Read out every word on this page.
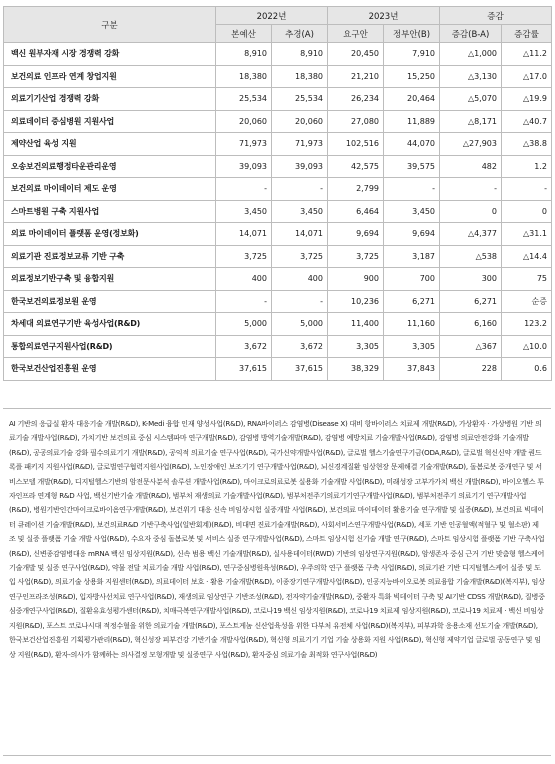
구분	2022년		2023년		증감	
	본예산	추경(A)	요구안	정부안(B)	증감(B-A)	증감률
백신 원부자재 시장 경쟁력 강화	8,910	8,910	20,450	7,910	△1,000	△11.2
보건의료 인프라 연계 창업지원	18,380	18,380	21,210	15,250	△3,130	△17.0
의료기기산업 경쟁력 강화	25,534	25,534	26,234	20,464	△5,070	△19.9
의료데이터 중심병원 지원사업	20,060	20,060	27,080	11,889	△8,171	△40.7
제약산업 육성 지원	71,973	71,973	102,516	44,070	△27,903	△38.8
오송보건의료행정타운관리운영	39,093	39,093	42,575	39,575	482	1.2
보건의료 마이데이터 제도 운영	-	-	2,799	-	-	-
스마트병원 구축 지원사업	3,450	3,450	6,464	3,450	0	0
의료 마이데이터 플랫폼 운영(정보화)	14,071	14,071	9,694	9,694	△4,377	△31.1
의료기관 진료정보교류 기반 구축	3,725	3,725	3,725	3,187	△538	△14.4
의료정보기반구축 및 융합지원	400	400	900	700	300	75
한국보건의료정보원 운영	-	-	10,236	6,271	6,271	순증
차세대 의료연구기반 육성사업(R&D)	5,000	5,000	11,400	11,160	6,160	123.2
통합의료연구지원사업(R&D)	3,672	3,672	3,305	3,305	△367	△10.0
한국보건산업진흥원 운영	37,615	37,615	38,329	37,843	228	0.6
AI 기반의 응급실 환자 대응기술 개발(R&D), K-Medi 융합 인재 양성사업(R&D), RNA바이러스 감염병(Disease X) 대비 항바이러스 치료제 개발(R&D), 가상환자 · 가상병원 기반 의료기술 개발사업(R&D), 가치기반 보건의료 중심 시스템파마 연구개발(R&D), 감염병 방역기술개발(R&D), 감염병 예방치료 기술개발사업(R&D), 감염병 의료안전강화 기술개발(R&D), 공공의료기술 강화 필수의료기기 개발(R&D), 공익적 의료기술 연구사업(R&D), 국가신약개발사업(R&D), 글로벌 헬스기술연구기금(ODA,R&D), 글로벌 혁신신약 개발 퀀드록플 패키지 지원사업(R&D), 글로벌연구협력지원사업(R&D), 노인장애인 보조기기 연구개발사업(R&D), 뇌신경계질환 임상현장 문제해결 기술개발(R&D), 돌봄로봇 중개연구 및 서비스모델 개발(R&D), 디지털헬스기반의 암전문사분석 솔루션 개발사업(R&D), 마이크로의료로봇 실용화 기술개발 사업(R&D), 미래성장 고부가가치 백신 개발(R&D), 바이오헬스 투자인프라 연계형 R&D 사업, 백신기반기술 개발(R&D), 범부처 재생의료 기술개발사업(R&D), 범부처전주기의료기기연구개발사업(R&D), 범부처전주기 의료기기 연구개발사업(R&D), 병원기반인간마이크로바이옴연구개발(R&D), 보건위기 대응 신속 비임상시험 실증개발 사업(R&D), 보건의료 마이데이터 활용기술 연구개발 및 실증(R&D), 보건의료 빅데이터 큐레이션 기술개발(R&D), 보건의료R&D 기반구축사업(일반회계)(R&D), 비대면 진료기술개발(R&D), 사회서비스연구개발사업(R&D), 세포 기반 인공혈액(적혈구 및 혈소판) 제조 및 실증 플랫폼 기술 개발 사업(R&D), 수요자 중심 돌봄로봇 및 서비스 실증 연구개발사업(R&D), 스마트 임상시험 신기술 개발 연구(R&D), 스마트 임상시험 플랫폼 기반 구축사업(R&D), 신변종감염병대응 mRNA 백신 임상지원(R&D), 신속 범용 백신 기술개발(R&D), 실사용데이터(RWD) 기반의 임상연구지원(R&D), 암생존자 중심 근거 기반 맞춤형 헬스케어 기술개발 및 실증 연구사업(R&D), 약물 전달 치료기술 개발 사업(R&D), 연구중심병원육성(R&D), 우주의학 연구 플랫폼 구축 사업(R&D), 의료기관 기반 디지털헬스케어 실증 및 도입 사업(R&D), 의료기술 상용화 지원센터(R&D), 의료데이터 보호 · 활용 기술개발(R&D), 이종장기연구개발사업(R&D), 인공지능바이오로봇 의료융합 기술개발(R&D)(복지부), 임상연구인프라조성(R&D), 입자방사선치료 연구사업(R&D), 재생의료 임상연구 기반조성(R&D), 전자약기술개발(R&D), 중환자 특화 빅데이터 구축 및 AI기반 CDSS 개발(R&D), 질병중심중개연구사업(R&D), 질환유효성평가센터(R&D), 치매극복연구개발사업(R&D), 코로나19 백신 임상지원(R&D), 코로나19 치료제 임상지원(R&D), 코로나19 치료제 · 백신 비임상지원(R&D), 포스트 코로나시대 적정수혈을 위한 의료기술 개발(R&D), 포스트게놈 신산업육성을 위한 다부처 유전체 사업(R&D)(복지부), 피부과학 응용소재 선도기술 개발(R&D), 한국보건산업진흥원 기획평가관리(R&D), 혁신성장 피부건강 기반기술 개발사업(R&D), 혁신형 의료기기 기업 기술 상용화 지원 사업(R&D), 혁신형 제약기업 글로벌 공동연구 및 임상 지원(R&D), 환자-의사가 함께하는 의사결정 모형개발 및 실증연구 사업(R&D), 환자중심 의료기술 최적화 연구사업(R&D)
